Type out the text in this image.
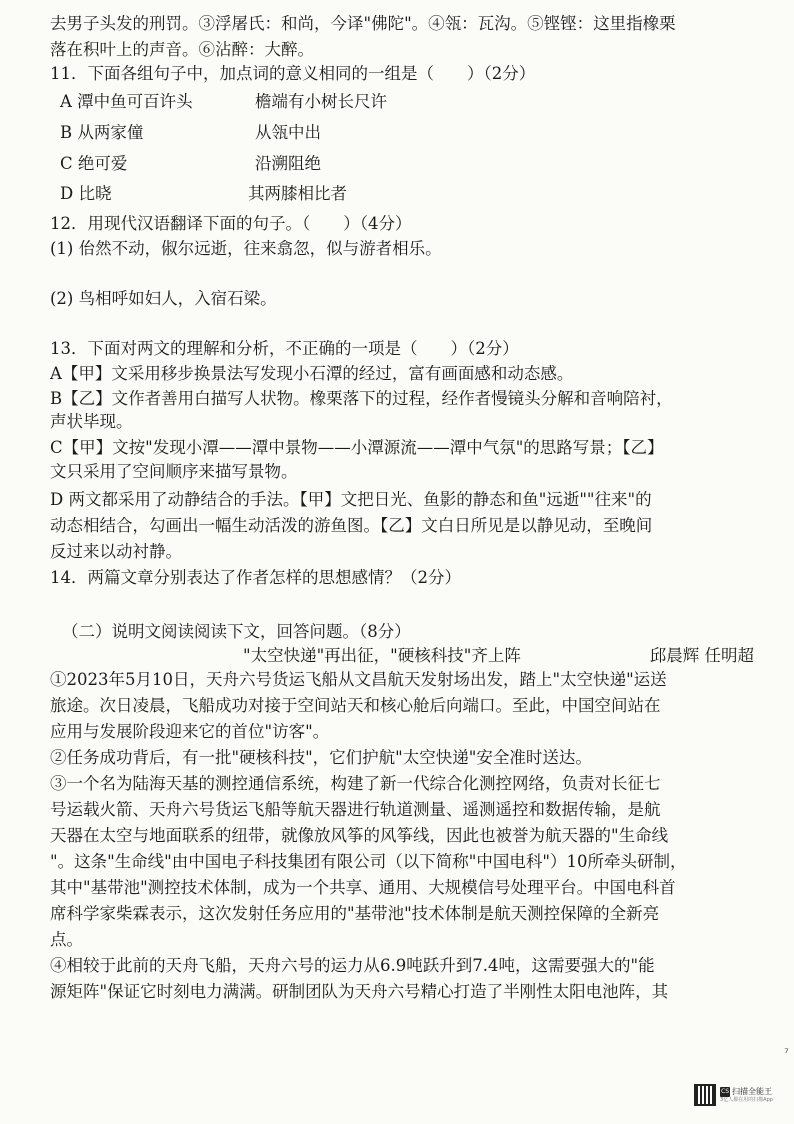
去男子头发的刑罚。③浮屠氏：和尚，今译"佛陀"。④瓴：瓦沟。⑤铿铿：这里指橡栗
落在积叶上的声音。⑥沾醉：大醉。
11．下面各组句子中，加点词的意义相同的一组是（　　）（2分）
A 潭中鱼可百许头	檐端有小树长尺许
B 从两家僮	从瓴中出
C 绝可爱	沿溯阻绝
D 比晓	其两膝相比者
12．用现代汉语翻译下面的句子。（　　）（4分）
(1) 佁然不动，俶尔远逝，往来翕忽，似与游者相乐。
(2) 鸟相呼如妇人，入宿石梁。
13．下面对两文的理解和分析，不正确的一项是（　　）（2分）
A【甲】文采用移步换景法写发现小石潭的经过，富有画面感和动态感。
B【乙】文作者善用白描写人状物。橡栗落下的过程，经作者慢镜头分解和音响陪衬，
声状毕现。
C【甲】文按"发现小潭——潭中景物——小潭源流——潭中气氛"的思路写景；【乙】
文只采用了空间顺序来描写景物。
D 两文都采用了动静结合的手法。【甲】文把日光、鱼影的静态和鱼"远逝""往来"的
动态相结合，勾画出一幅生动活泼的游鱼图。【乙】文白日所见是以静见动，至晚间
反过来以动衬静。
14．两篇文章分别表达了作者怎样的思想感情？（2分）
（二）说明文阅读阅读下文，回答问题。（8分）
"太空快递"再出征，"硬核科技"齐上阵	邱晨辉 任明超
①2023年5月10日，天舟六号货运飞船从文昌航天发射场出发，踏上"太空快递"运送
旅途。次日凌晨，飞船成功对接于空间站天和核心舱后向端口。至此，中国空间站在
应用与发展阶段迎来它的首位"访客"。
②任务成功背后，有一批"硬核科技"，它们护航"太空快递"安全准时送达。
③一个名为陆海天基的测控通信系统，构建了新一代综合化测控网络，负责对长征七
号运载火箭、天舟六号货运飞船等航天器进行轨道测量、遥测遥控和数据传输，是航
天器在太空与地面联系的纽带，就像放风筝的风筝线，因此也被誉为航天器的"生命线
"。这条"生命线"由中国电子科技集团有限公司（以下简称"中国电科"）10所牵头研制，
其中"基带池"测控技术体制，成为一个共享、通用、大规模信号处理平台。中国电科首
席科学家柴霖表示，这次发射任务应用的"基带池"技术体制是航天测控保障的全新亮
点。
④相较于此前的天舟飞船，天舟六号的运力从6.9吨跃升到7.4吨，这需要强大的"能
源矩阵"保证它时刻电力满满。研制团队为天舟六号精心打造了半刚性太阳电池阵，其
⁷
CS 扫描全能王
3亿人都在用的扫描App
